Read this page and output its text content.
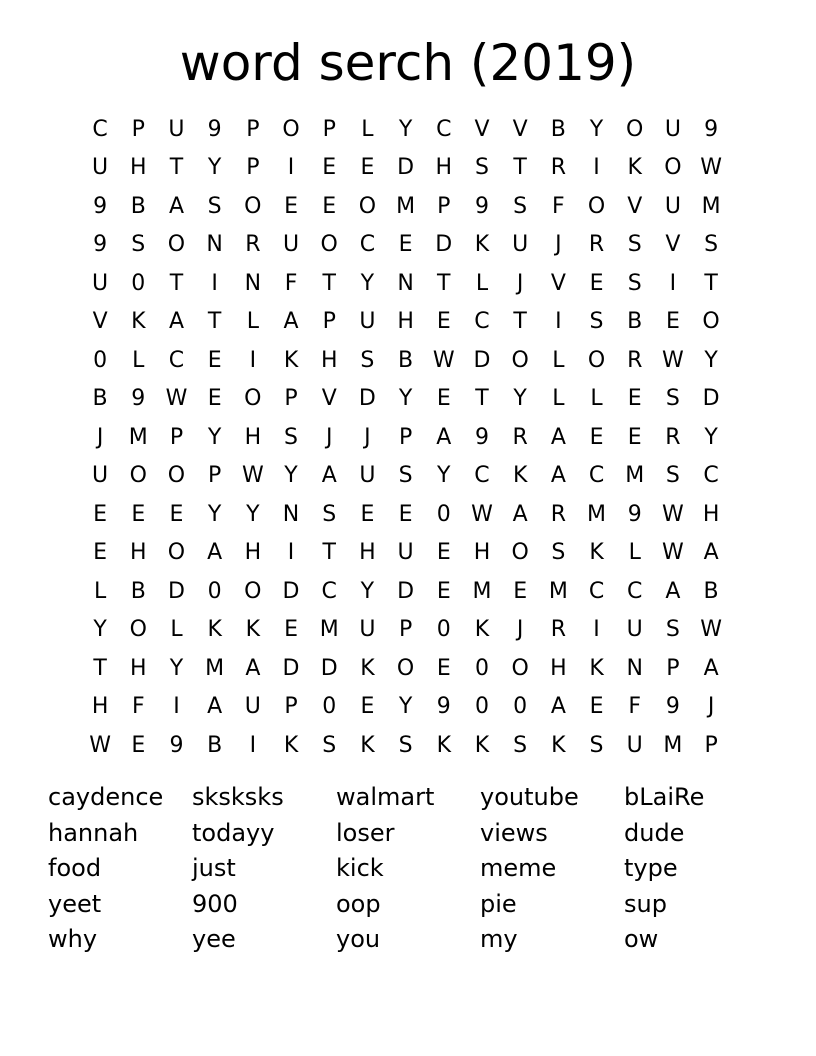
word serch (2019)
C	P	U	9	P	O	P	L	Y	C	V	V	B	Y	O U	9
U H	T	Y	P	I	E	E	D H	S	T	R	I	K	O W
9	B	A	S	O	E	E	O M	P	9	S	F	O	V	U M
9	S	O N	R	U O C	E	D	K	U	J	R	S	V	S
U	0	T	I	N	F	T	Y	N	T	L	J	V	E	S	I	T
V	K	A	T	L	A	P	U H	E	C	T	I	S	B	E	O
0	L	C	E	I	K	H	S	B W D O	L	O R W Y
B	9 W E	O	P	V	D	Y	E	T	Y	L	L	E	S	D
J	M	P	Y	H	S	J	J	P	A	9	R	A	E	E	R	Y
U O O	P W Y	A	U	S	Y	C	K	A	C M S	C
E	E	E	Y	Y	N	S	E	E	0 W A	R M 9 W H
E	H O	A	H	I	T	H U	E	H O	S	K	L W A
L	B	D	0	O D	C	Y	D	E M E M C	C	A	B
Y	O	L	K	K	E M U	P	0	K	J	R	I	U	S W
T	H	Y M A	D D	K	O	E	0	O H	K	N	P	A
H	F	I	A	U	P	0	E	Y	9	0	0	A	E	F	9	J
W E	9	B	I	K	S	K	S	K	K	S	K	S	U M	P
caydence
hannah
food
yeet
why
sksksks
todayy
just
900
yee
walmart
loser
kick
oop
you
youtube
views
meme
pie
my
bLaiRe
dude
type
sup
ow
